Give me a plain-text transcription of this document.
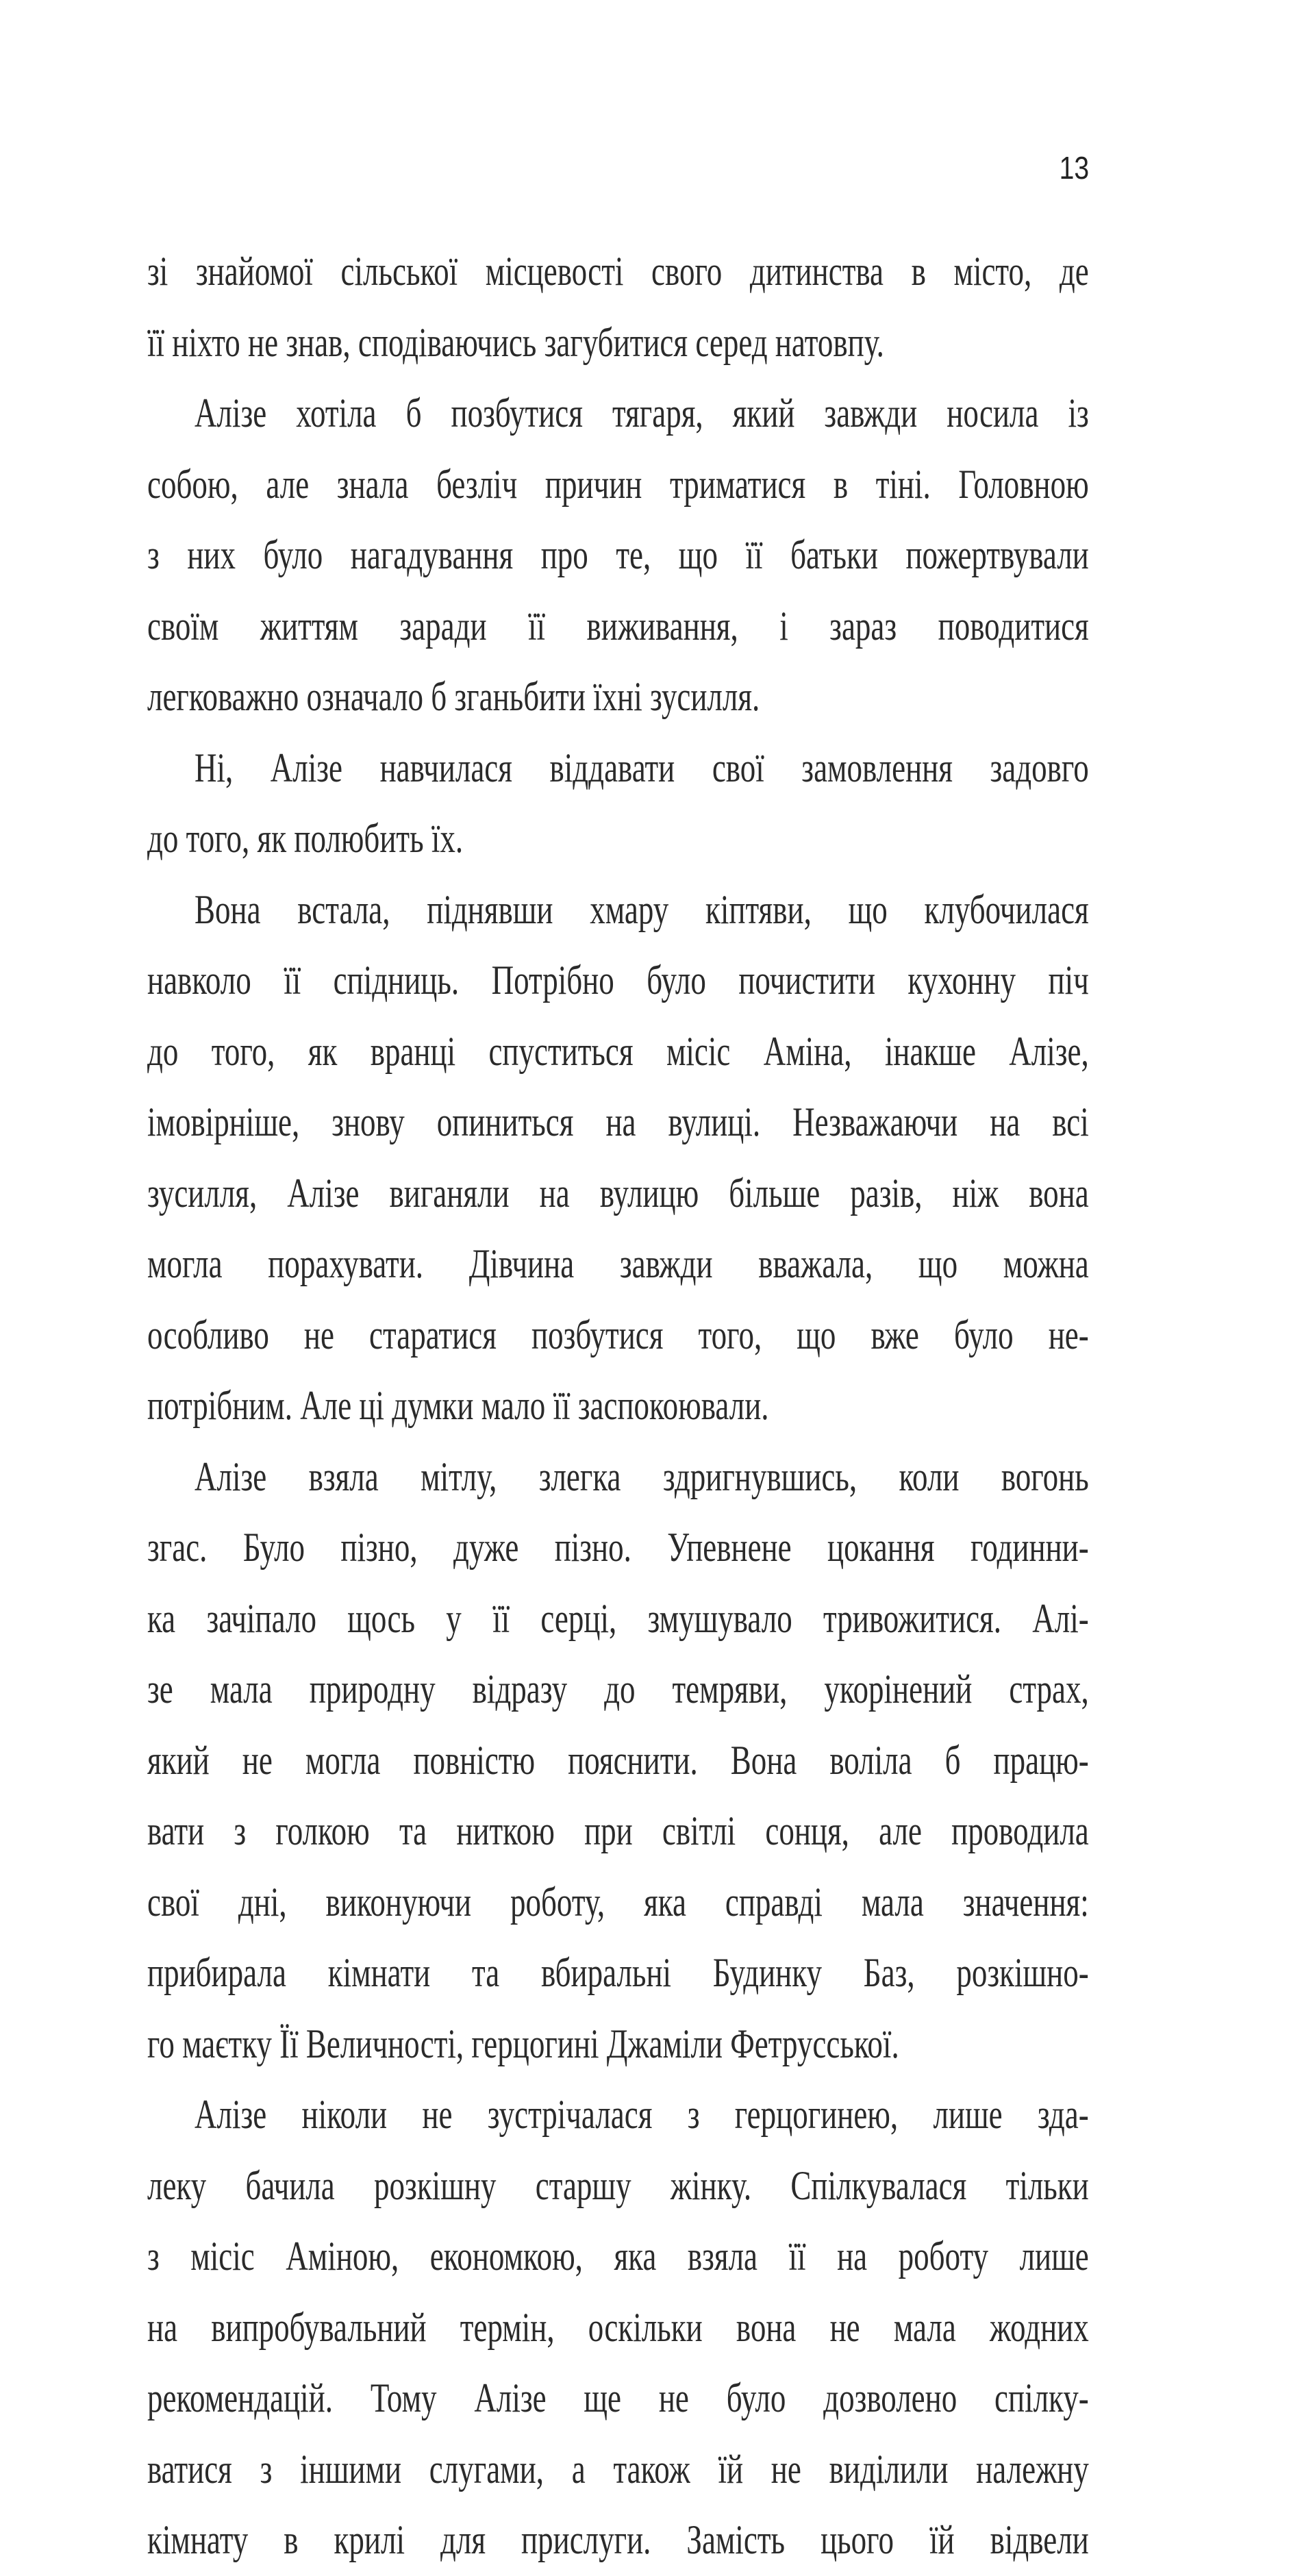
13
зі знайомої сільської місцевості свого дитинства в місто, де
її ніхто не знав, сподіваючись загубитися серед натовпу.
Алізе хотіла б позбутися тягаря, який завжди носила із
собою, але знала безліч причин триматися в тіні. Головною
з них було нагадування про те, що її батьки пожертвували
своїм життям заради її виживання, і зараз поводитися
легковажно означало б зганьбити їхні зусилля.
Ні, Алізе навчилася віддавати свої замовлення задовго
до того, як полюбить їх.
Вона встала, піднявши хмару кіптяви, що клубочилася
навколо її спідниць. Потрібно було почистити кухонну піч
до того, як вранці спуститься місіс Аміна, інакше Алізе,
імовірніше, знову опиниться на вулиці. Незважаючи на всі
зусилля, Алізе виганяли на вулицю більше разів, ніж вона
могла порахувати. Дівчина завжди вважала, що можна
особливо не старатися позбутися того, що вже було не-
потрібним. Але ці думки мало її заспокоювали.
Алізе взяла мітлу, злегка здригнувшись, коли вогонь
згас. Було пізно, дуже пізно. Упевнене цокання годинни-
ка зачіпало щось у її серці, змушувало тривожитися. Алі-
зе мала природну відразу до темряви, укорінений страх,
який не могла повністю пояснити. Вона воліла б працю-
вати з голкою та ниткою при світлі сонця, але проводила
свої дні, виконуючи роботу, яка справді мала значення:
прибирала кімнати та вбиральні Будинку Баз, розкішно-
го маєтку Її Величності, герцогині Джаміли Фетрусської.
Алізе ніколи не зустрічалася з герцогинею, лише зда-
леку бачила розкішну старшу жінку. Спілкувалася тільки
з місіс Аміною, економкою, яка взяла її на роботу лише
на випробувальний термін, оскільки вона не мала жодних
рекомендацій. Тому Алізе ще не було дозволено спілку-
ватися з іншими слугами, а також їй не виділили належну
кімнату в крилі для прислуги. Замість цього їй відвели
